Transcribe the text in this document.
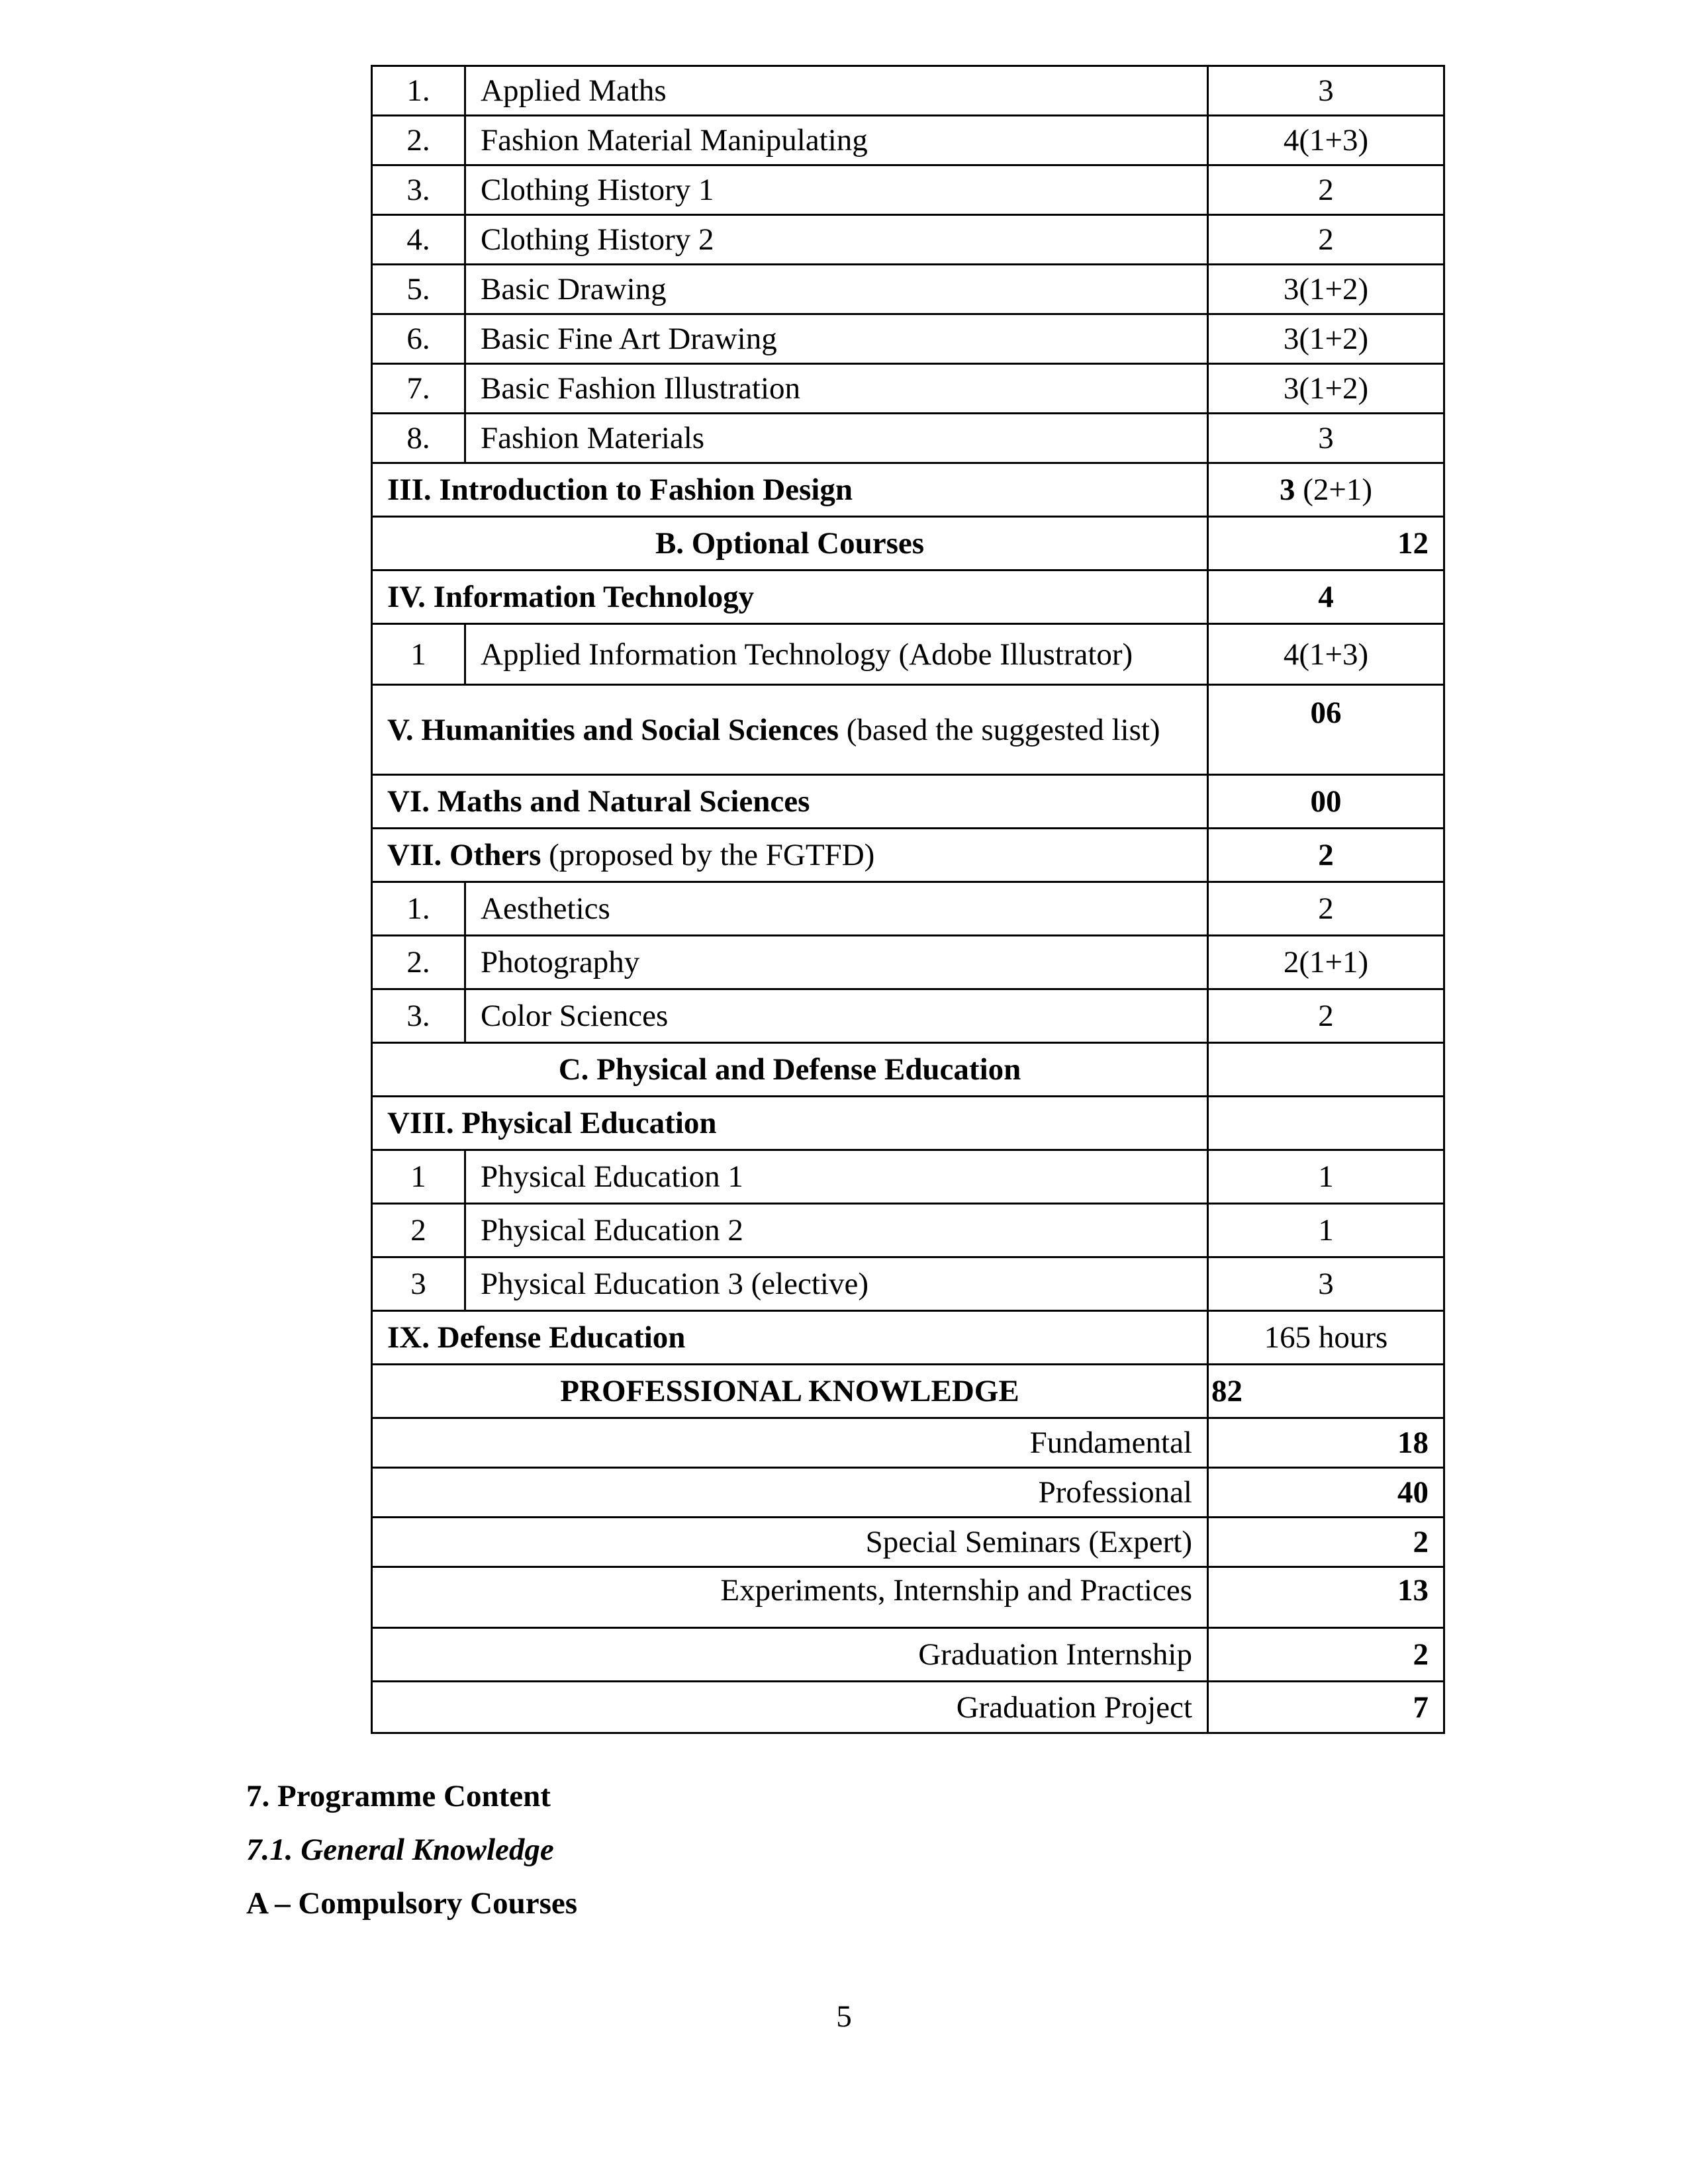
1.	Applied Maths	3
2.	Fashion Material Manipulating	4(1+3)
3.	Clothing History 1	2
4.	Clothing History 2	2
5.	Basic Drawing	3(1+2)
6.	Basic Fine Art Drawing	3(1+2)
7.	Basic Fashion Illustration	3(1+2)
8.	Fashion Materials	3
III. Introduction to Fashion Design		3 (2+1)
B. Optional Courses		12
IV. Information Technology		4
1	Applied Information Technology (Adobe Illustrator)	4(1+3)
V. Humanities and Social Sciences (based the suggested list)		06
VI. Maths and Natural Sciences		00
VII. Others (proposed by the FGTFD)		2
1.	Aesthetics	2
2.	Photography	2(1+1)
3.	Color Sciences	2
C. Physical and Defense Education		
VIII. Physical Education		
1	Physical Education 1	1
2	Physical Education 2	1
3	Physical Education 3 (elective)	3
IX. Defense Education		165 hours
PROFESSIONAL KNOWLEDGE		82
Fundamental		18
Professional		40
Special Seminars (Expert)		2
Experiments, Internship and Practices		13
Graduation Internship		2
Graduation Project		7
7. Programme Content
7.1. General Knowledge
A – Compulsory Courses
5
